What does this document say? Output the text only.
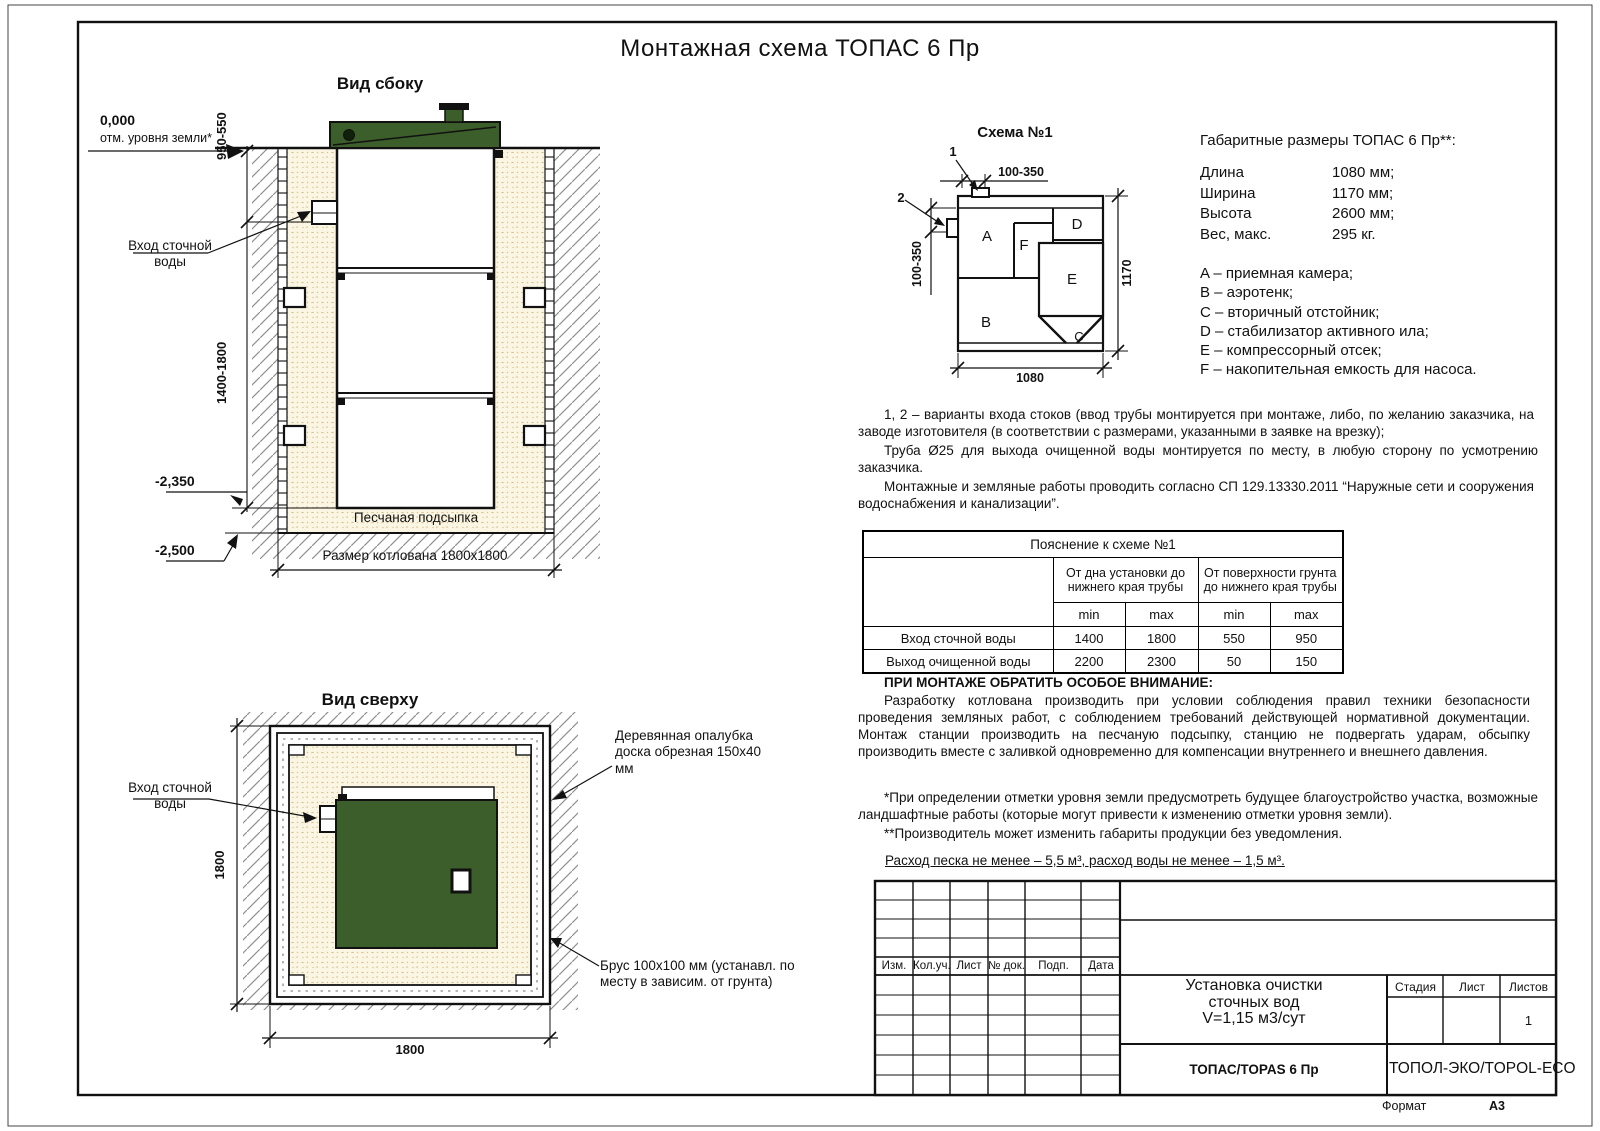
A
F
D
E
B
C
1
2
100-350
100-350	1170
1080
1800
1800
Монтажная схема ТОПАС 6 Пр
Вид сбоку
0,000
отм. уровня земли* 950-550
1400-1800
Вход сточной воды
-2,350
-2,500
Песчаная подсыпка
Размер котлована 1800х1800
Схема №1	Габаритные размеры ТОПАС 6 Пр**:
Длина	1080 мм;
Ширина	1170 мм;
Высота	2600 мм;
Вес, макс.	295 кг.
A – приемная камера;
B – аэротенк;
C – вторичный отстойник;
D – стабилизатор активного ила;
E – компрессорный отсек;
F – накопительная емкость для насоса.
1, 2 – варианты входа стоков (ввод трубы монтируется при монтаже, либо, по желанию заказчика, на заводе изготовителя (в соответствии с размерами, указанными в заявке на врезку);
Труба Ø25 для выхода очищенной воды монтируется по месту, в любую сторону по усмотрению заказчика.
Монтажные и земляные работы проводить согласно СП 129.13330.2011 “Наружные сети и сооружения водоснабжения и канализации”.
Пояснение к схеме №1				
	От дна установки до нижнего края трубы		От поверхности грунта до нижнего края трубы	
	min	max	min	max
Вход сточной воды	1400	1800	550	950
Выход очищенной воды	2200	2300	50	150
ПРИ МОНТАЖЕ ОБРАТИТЬ ОСОБОЕ ВНИМАНИЕ:
Разработку котлована производить при условии соблюдения правил техники безопасности проведения земляных работ, с соблюдением требований действующей нормативной документации. Монтаж станции производить на песчаную подсыпку, станцию не подвергать ударам, обсыпку производить вместе с заливкой одновременно для компенсации внутреннего и внешнего давления.
*При определении отметки уровня земли предусмотреть будущее благоустройство участка, возможные ландшафтные работы (которые могут привести к изменению отметки уровня земли).
**Производитель может изменить габариты продукции без уведомления.
Расход песка не менее – 5,5 м³, расход воды не менее – 1,5 м³.
Вид сверху
Вход сточной воды
Деревянная опалубка доска обрезная 150х40 мм
Брус 100х100 мм (устанавл. по месту в зависим. от грунта)
Изм. Кол.уч. Лист № док.	Подп.	Дата
Установка очистки
сточных вод
V=1,15 м3/сут
Стадия	Лист	Листов
1
ТОПАС/TOPAS 6 Пр	ТОПОЛ-ЭКО/TOPOL-ECO
Формат	А3
